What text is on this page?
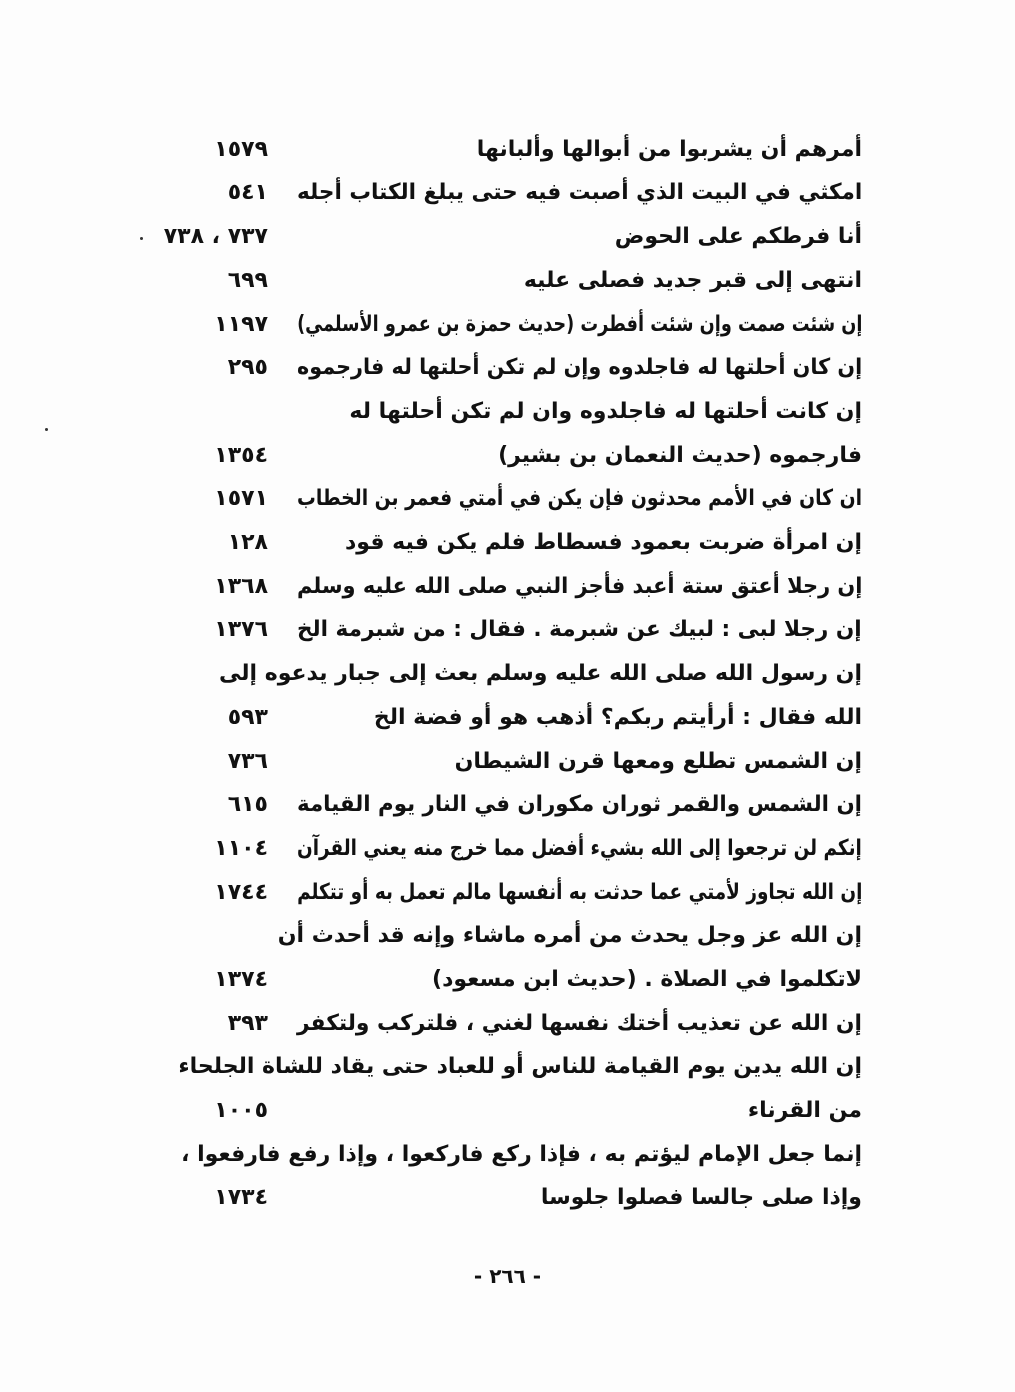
أمرهم أن يشربوا من أبوالها وألبانها
١٥٧٩
امكثي في البيت الذي أصبت فيه حتى يبلغ الكتاب أجله
٥٤١
أنا فرطكم على الحوض
٧٣٧ ، ٧٣٨
انتهى إلى قبر جديد فصلى عليه
٦٩٩
إن شئت صمت وإن شئت أفطرت (حديث حمزة بن عمرو الأسلمي)
١١٩٧
إن كان أحلتها له فاجلدوه وإن لم تكن أحلتها له فارجموه
٢٩٥
إن كانت أحلتها له فاجلدوه وان لم تكن أحلتها له
فارجموه (حديث النعمان بن بشير)
١٣٥٤
ان كان في الأمم محدثون فإن يكن في أمتي فعمر بن الخطاب
١٥٧١
إن امرأة ضربت بعمود فسطاط فلم يكن فيه قود
١٢٨
إن رجلا أعتق ستة أعبد فأجز النبي صلى الله عليه وسلم
١٣٦٨
إن رجلا لبى : لبيك عن شبرمة . فقال : من شبرمة الخ
١٣٧٦
إن رسول الله صلى الله عليه وسلم بعث إلى جبار يدعوه إلى
الله فقال : أرأيتم ربكم؟ أذهب هو أو فضة الخ
٥٩٣
إن الشمس تطلع ومعها قرن الشيطان
٧٣٦
إن الشمس والقمر ثوران مكوران في النار يوم القيامة
٦١٥
إنكم لن ترجعوا إلى الله بشيء أفضل مما خرج منه يعني القرآن
١١٠٤
إن الله تجاوز لأمتي عما حدثت به أنفسها مالم تعمل به أو تتكلم
١٧٤٤
إن الله عز وجل يحدث من أمره ماشاء وإنه قد أحدث أن
لاتكلموا في الصلاة . (حديث ابن مسعود)
١٣٧٤
إن الله عن تعذيب أختك نفسها لغني ، فلتركب ولتكفر
٣٩٣
إن الله يدين يوم القيامة للناس أو للعباد حتى يقاد للشاة الجلحاء
من القرناء
١٠٠٥
إنما جعل الإمام ليؤتم به ، فإذا ركع فاركعوا ، وإذا رفع فارفعوا ،
وإذا صلى جالسا فصلوا جلوسا
١٧٣٤
- ٢٦٦ -
